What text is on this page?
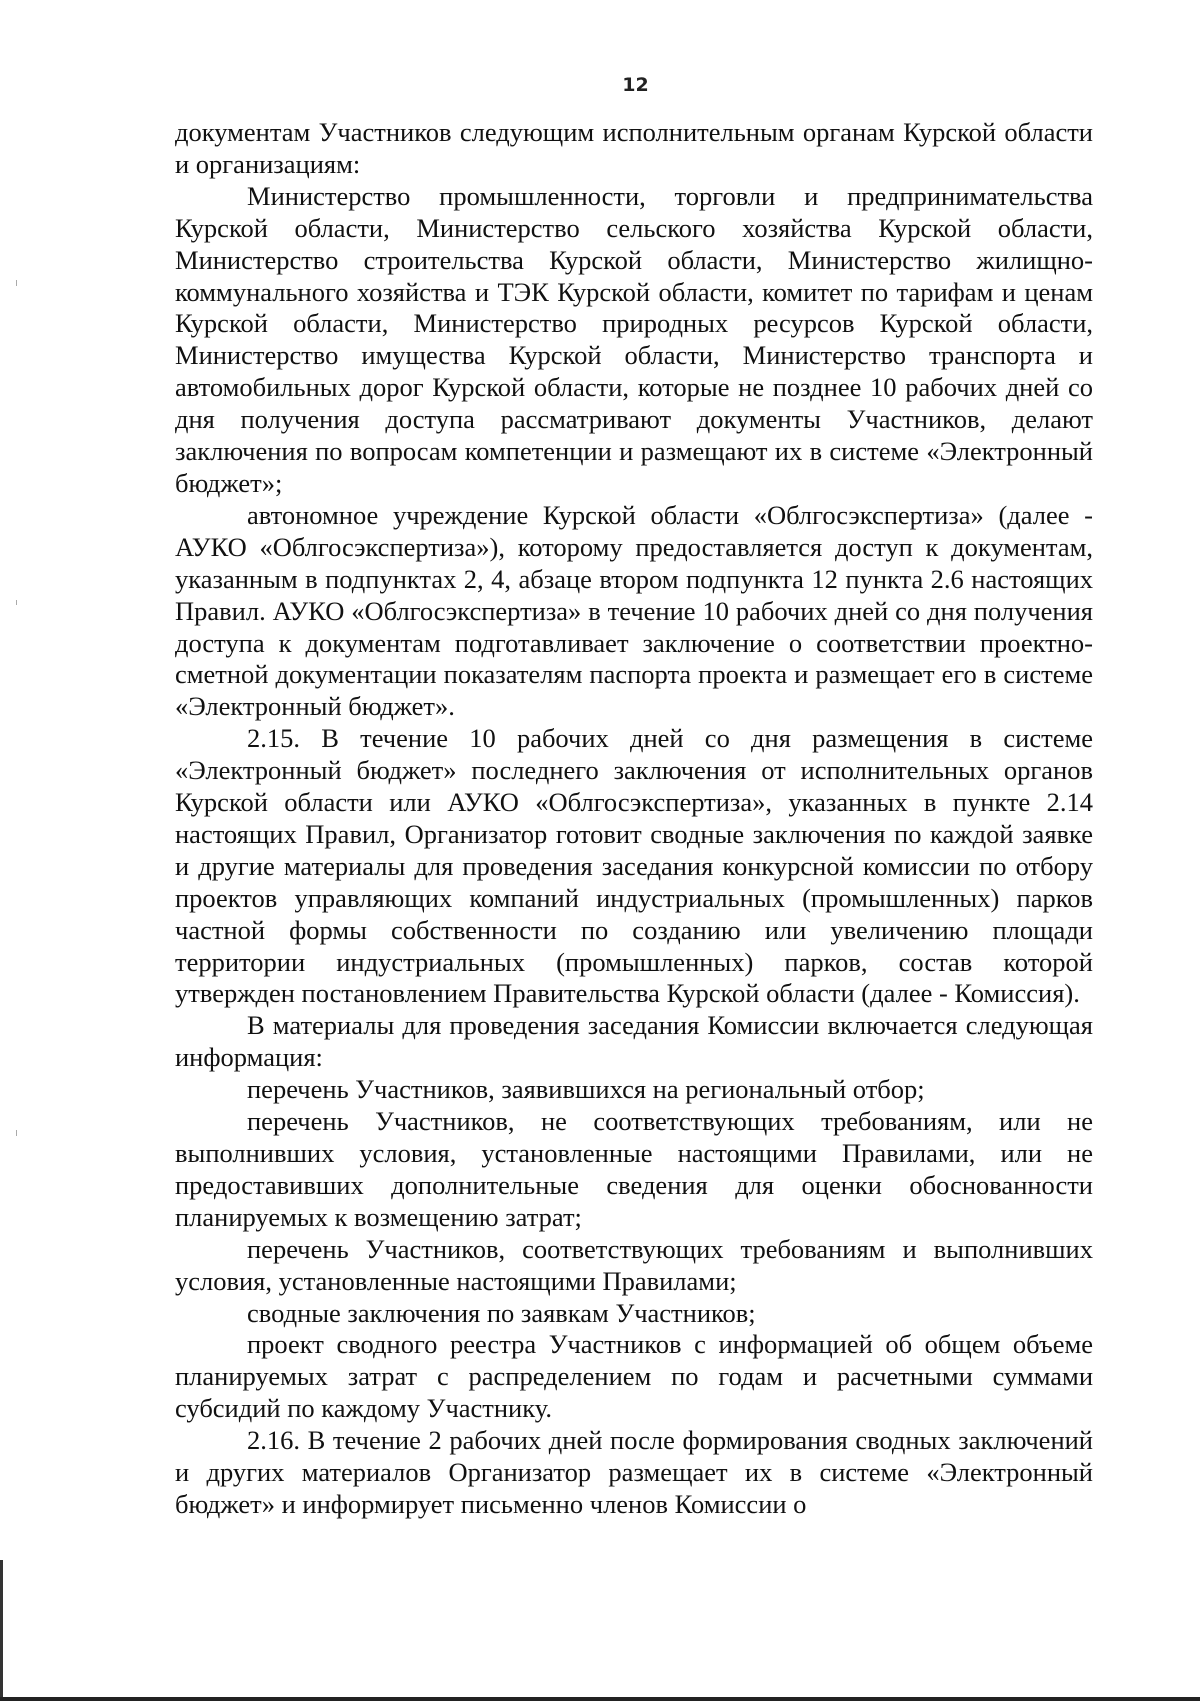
12

документам Участников следующим исполнительным органам Курской области и организациям:

Министерство промышленности, торговли и предпринимательства Курской области, Министерство сельского хозяйства Курской области, Министерство строительства Курской области, Министерство жилищно-коммунального хозяйства и ТЭК Курской области, комитет по тарифам и ценам Курской области, Министерство природных ресурсов Курской области, Министерство имущества Курской области, Министерство транспорта и автомобильных дорог Курской области, которые не позднее 10 рабочих дней со дня получения доступа рассматривают документы Участников, делают заключения по вопросам компетенции и размещают их в системе «Электронный бюджет»;

автономное учреждение Курской области «Облгосэкспертиза» (далее - АУКО «Облгосэкспертиза»), которому предоставляется доступ к документам, указанным в подпунктах 2, 4, абзаце втором подпункта 12 пункта 2.6 настоящих Правил. АУКО «Облгосэкспертиза» в течение 10 рабочих дней со дня получения доступа к документам подготавливает заключение о соответствии проектно-сметной документации показателям паспорта проекта и размещает его в системе «Электронный бюджет».

2.15. В течение 10 рабочих дней со дня размещения в системе «Электронный бюджет» последнего заключения от исполнительных органов Курской области или АУКО «Облгосэкспертиза», указанных в пункте 2.14 настоящих Правил, Организатор готовит сводные заключения по каждой заявке и другие материалы для проведения заседания конкурсной комиссии по отбору проектов управляющих компаний индустриальных (промышленных) парков частной формы собственности по созданию или увеличению площади территории индустриальных (промышленных) парков, состав которой утвержден постановлением Правительства Курской области (далее - Комиссия).

В материалы для проведения заседания Комиссии включается следующая информация:

перечень Участников, заявившихся на региональный отбор;

перечень Участников, не соответствующих требованиям, или не выполнивших условия, установленные настоящими Правилами, или не предоставивших дополнительные сведения для оценки обоснованности планируемых к возмещению затрат;

перечень Участников, соответствующих требованиям и выполнивших условия, установленные настоящими Правилами;

сводные заключения по заявкам Участников;

проект сводного реестра Участников с информацией об общем объеме планируемых затрат с распределением по годам и расчетными суммами субсидий по каждому Участнику.

2.16. В течение 2 рабочих дней после формирования сводных заключений и других материалов Организатор размещает их в системе «Электронный бюджет» и информирует письменно членов Комиссии о
